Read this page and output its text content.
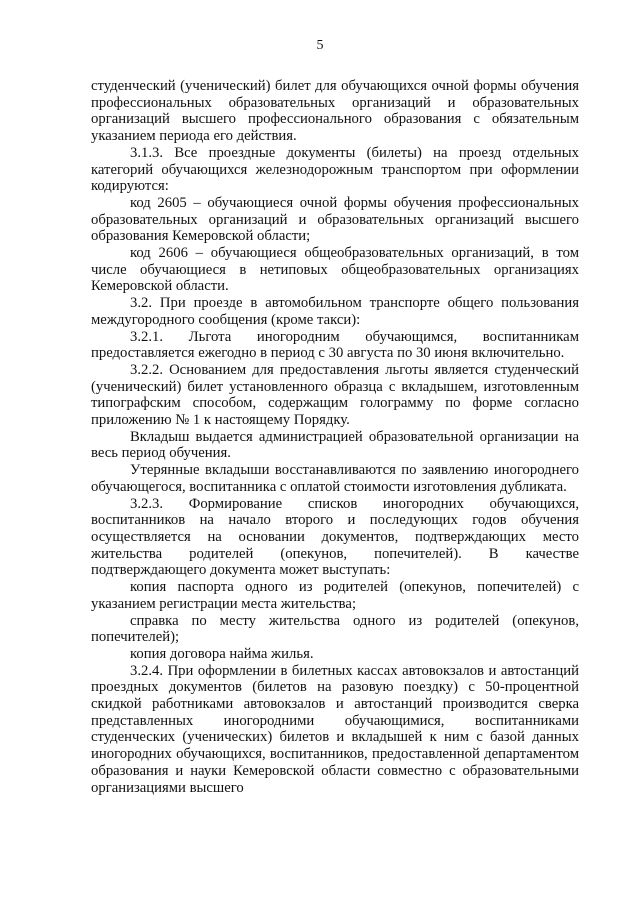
5

студенческий (ученический) билет для обучающихся очной формы обучения профессиональных образовательных организаций и образовательных организаций высшего профессионального образования с обязательным указанием периода его действия.

3.1.3. Все проездные документы (билеты) на проезд отдельных категорий обучающихся железнодорожным транспортом при оформлении кодируются:

код 2605 – обучающиеся очной формы обучения профессиональных образовательных организаций и образовательных организаций высшего образования Кемеровской области;

код 2606 – обучающиеся общеобразовательных организаций, в том числе обучающиеся в нетиповых общеобразовательных организациях Кемеровской области.

3.2. При проезде в автомобильном транспорте общего пользования междугородного сообщения (кроме такси):

3.2.1. Льгота иногородним обучающимся, воспитанникам предоставляется ежегодно в период с 30 августа по 30 июня включительно.

3.2.2. Основанием для предоставления льготы является студенческий (ученический) билет установленного образца с вкладышем, изготовленным типографским способом, содержащим голограмму по форме согласно приложению № 1 к настоящему Порядку.

Вкладыш выдается администрацией образовательной организации на весь период обучения.

Утерянные вкладыши восстанавливаются по заявлению иногороднего обучающегося, воспитанника с оплатой стоимости изготовления дубликата.

3.2.3. Формирование списков иногородних обучающихся, воспитанников на начало второго и последующих годов обучения осуществляется на основании документов, подтверждающих место жительства родителей (опекунов, попечителей). В качестве подтверждающего документа может выступать:

копия паспорта одного из родителей (опекунов, попечителей) с указанием регистрации места жительства;

справка по месту жительства одного из родителей (опекунов, попечителей);

копия договора найма жилья.

3.2.4. При оформлении в билетных кассах автовокзалов и автостанций проездных документов (билетов на разовую поездку) с 50-процентной скидкой работниками автовокзалов и автостанций производится сверка представленных иногородними обучающимися, воспитанниками студенческих (ученических) билетов и вкладышей к ним с базой данных иногородних обучающихся, воспитанников, предоставленной департаментом образования и науки Кемеровской области совместно с образовательными организациями высшего
